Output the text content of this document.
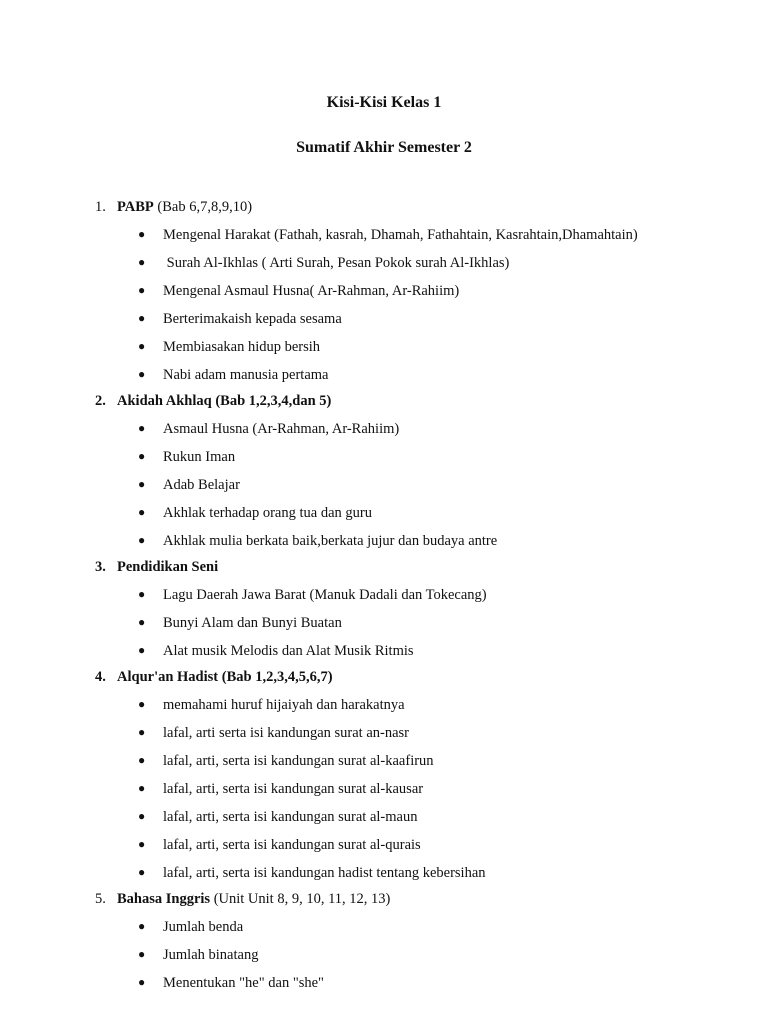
Kisi-Kisi Kelas 1
Sumatif Akhir Semester 2
1. PABP (Bab 6,7,8,9,10)
● Mengenal Harakat (Fathah, kasrah, Dhamah, Fathahtain, Kasrahtain,Dhamahtain)
● Surah Al-Ikhlas ( Arti Surah, Pesan Pokok surah Al-Ikhlas)
● Mengenal Asmaul Husna( Ar-Rahman, Ar-Rahiim)
● Berterimakaish kepada sesama
● Membiasakan hidup bersih
● Nabi adam manusia pertama
2. Akidah Akhlaq (Bab 1,2,3,4,dan 5)
● Asmaul Husna (Ar-Rahman, Ar-Rahiim)
● Rukun Iman
● Adab Belajar
● Akhlak terhadap orang tua dan guru
● Akhlak mulia berkata baik,berkata jujur dan budaya antre
3. Pendidikan Seni
● Lagu Daerah Jawa Barat (Manuk Dadali dan Tokecang)
● Bunyi Alam dan Bunyi Buatan
● Alat musik Melodis dan Alat Musik Ritmis
4. Alqur'an Hadist (Bab 1,2,3,4,5,6,7)
● memahami huruf hijaiyah dan harakatnya
● lafal, arti serta isi kandungan surat an-nasr
● lafal, arti, serta isi kandungan surat al-kaafirun
● lafal, arti, serta isi kandungan surat al-kausar
● lafal, arti, serta isi kandungan surat al-maun
● lafal, arti, serta isi kandungan surat al-qurais
● lafal, arti, serta isi kandungan hadist tentang kebersihan
5. Bahasa Inggris (Unit Unit 8, 9, 10, 11, 12, 13)
● Jumlah benda
● Jumlah binatang
● Menentukan "he" dan "she"
